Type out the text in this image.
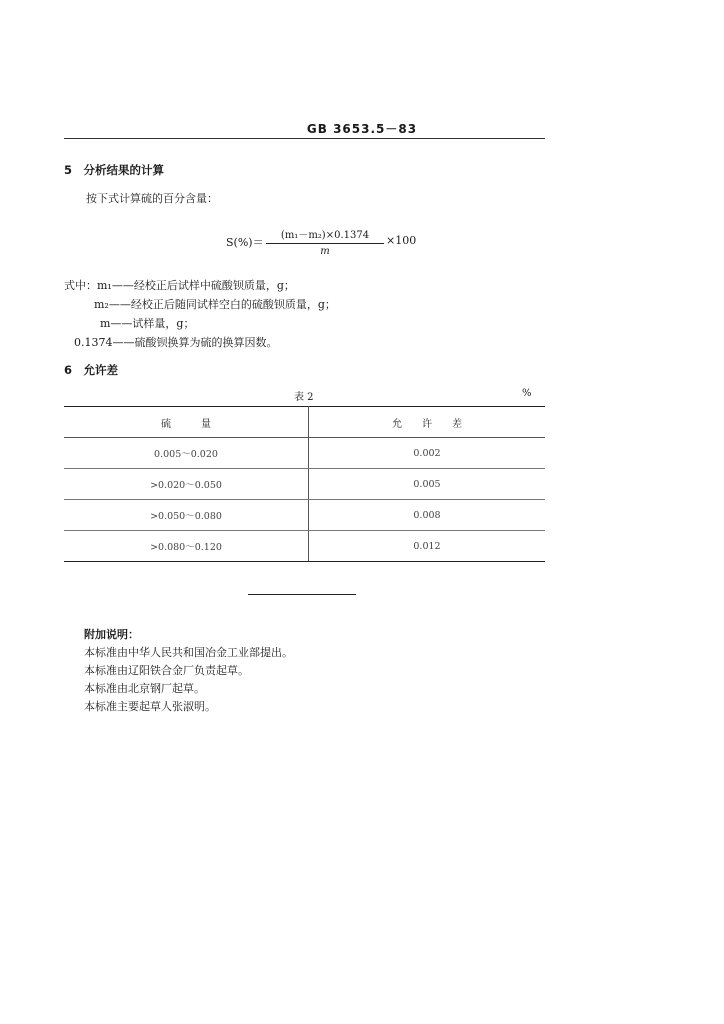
GB 3653.5－83
5　分析结果的计算
按下式计算硫的百分含量：
$S(\%)= \frac{\text{(m₁－m₂)×0.1374}}{m} \times 100$
式中：m₁——经校正后试样中硫酸钡质量，g；
m₂——经校正后随同试样空白的硫酸钡质量，g；
m——试样量，g；
0.1374——硫酸钡换算为硫的换算因数。
6　允许差
表 2	%
硫　　　量	允　　许　　差
0.005～0.020	0.002
>0.020～0.050	0.005
>0.050～0.080	0.008
>0.080～0.120	0.012
附加说明：
本标准由中华人民共和国冶金工业部提出。
本标准由辽阳铁合金厂负责起草。
本标准由北京钢厂起草。
本标准主要起草人张淑明。
